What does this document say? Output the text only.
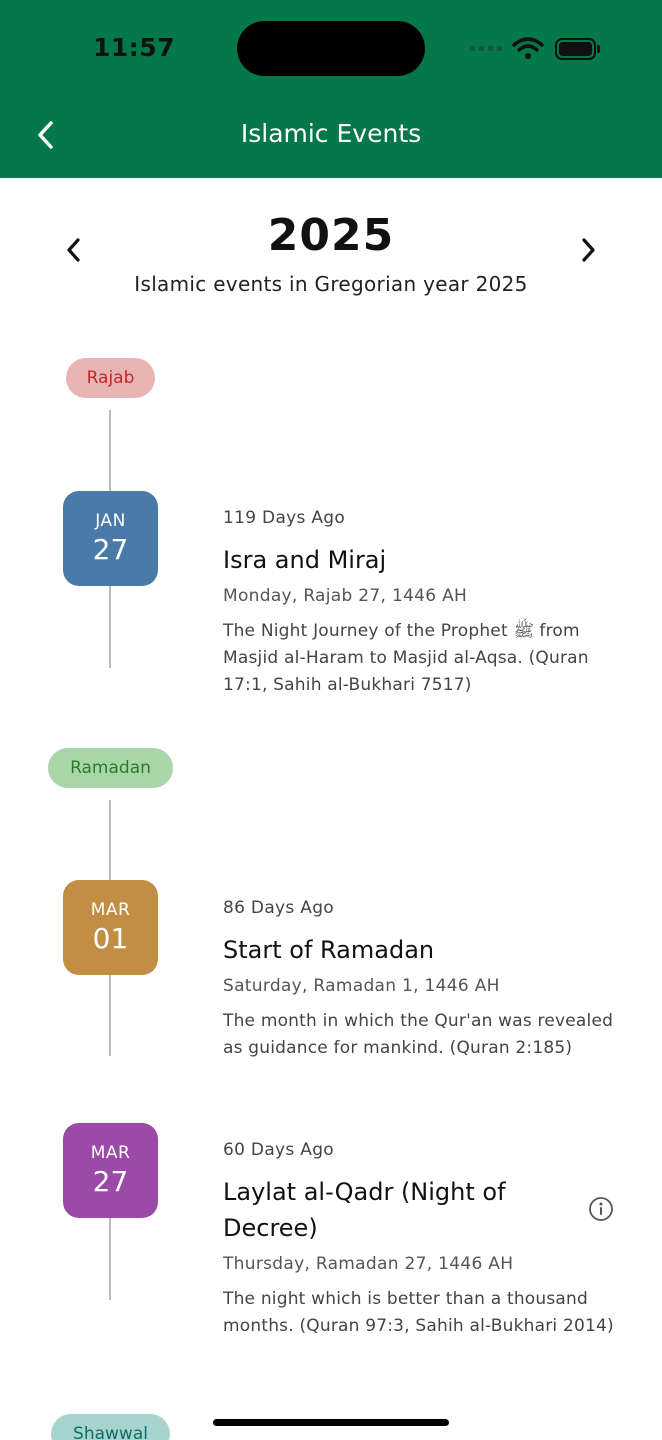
11:57
Islamic Events
2025
Islamic events in Gregorian year 2025
Rajab
Ramadan
Shawwal
JAN
27
119 Days Ago
Isra and Miraj
Monday, Rajab 27, 1446 AH
The Night Journey of the Prophet ﷺ from Masjid al-Haram to Masjid al-Aqsa. (Quran 17:1, Sahih al-Bukhari 7517)
MAR
01
86 Days Ago
Start of Ramadan
Saturday, Ramadan 1, 1446 AH
The month in which the Qur'an was revealed as guidance for mankind. (Quran 2:185)
MAR
27
60 Days Ago
Laylat al-Qadr (Night of Decree)
Thursday, Ramadan 27, 1446 AH
The night which is better than a thousand months. (Quran 97:3, Sahih al-Bukhari 2014)
